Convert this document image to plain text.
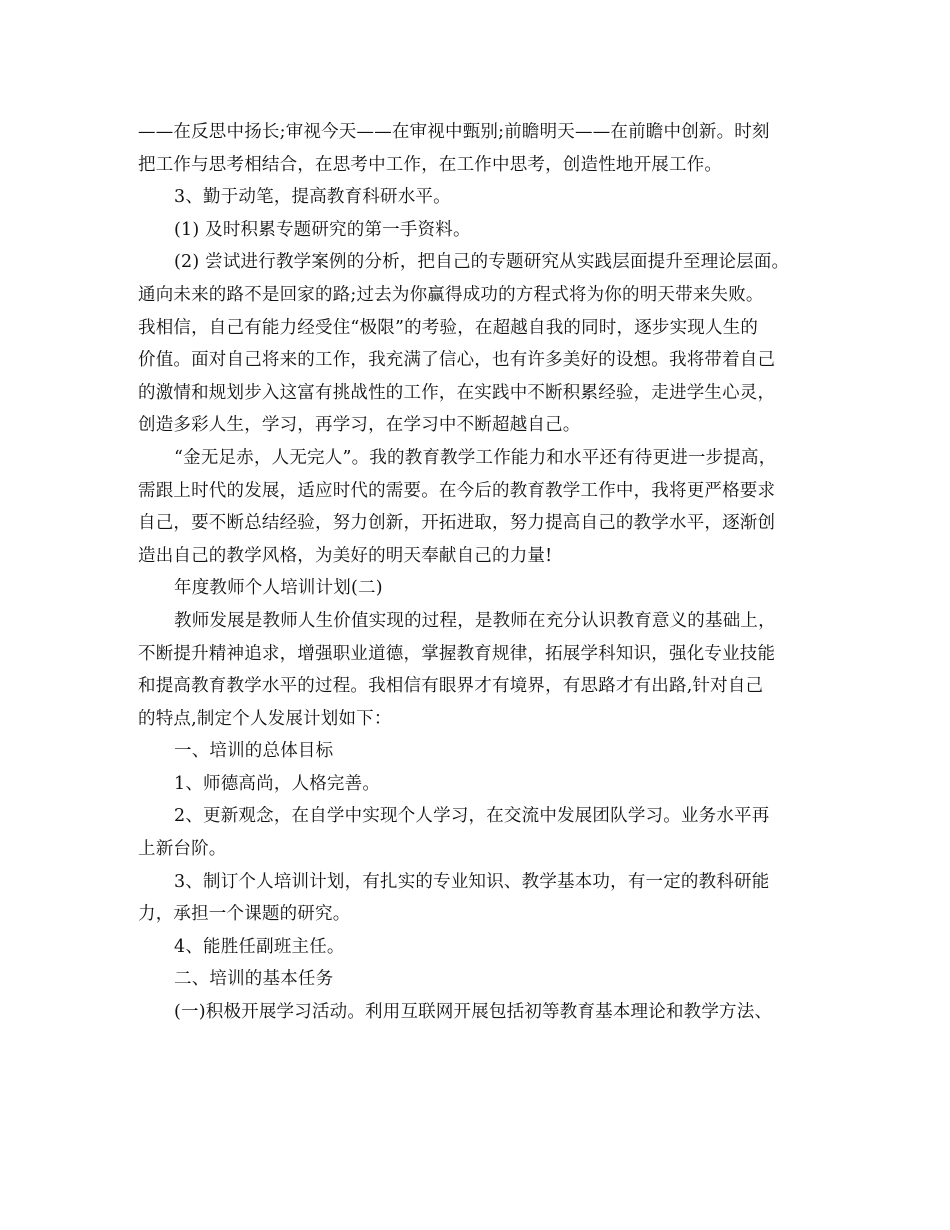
——在反思中扬长;审视今天——在审视中甄别;前瞻明天——在前瞻中创新。时刻
把工作与思考相结合，在思考中工作，在工作中思考，创造性地开展工作。
3、勤于动笔，提高教育科研水平。
(1) 及时积累专题研究的第一手资料。
(2) 尝试进行教学案例的分析，把自己的专题研究从实践层面提升至理论层面。
通向未来的路不是回家的路;过去为你赢得成功的方程式将为你的明天带来失败。
我相信，自己有能力经受住“极限”的考验，在超越自我的同时，逐步实现人生的
价值。面对自己将来的工作，我充满了信心，也有许多美好的设想。我将带着自己
的激情和规划步入这富有挑战性的工作，在实践中不断积累经验，走进学生心灵，
创造多彩人生，学习，再学习，在学习中不断超越自己。
“金无足赤，人无完人”。我的教育教学工作能力和水平还有待更进一步提高，
需跟上时代的发展，适应时代的需要。在今后的教育教学工作中，我将更严格要求
自己，要不断总结经验，努力创新，开拓进取，努力提高自己的教学水平，逐渐创
造出自己的教学风格，为美好的明天奉献自己的力量!
年度教师个人培训计划(二)
教师发展是教师人生价值实现的过程，是教师在充分认识教育意义的基础上，
不断提升精神追求，增强职业道德，掌握教育规律，拓展学科知识，强化专业技能
和提高教育教学水平的过程。我相信有眼界才有境界，有思路才有出路,针对自己
的特点,制定个人发展计划如下：
一、培训的总体目标
1、师德高尚，人格完善。
2、更新观念，在自学中实现个人学习，在交流中发展团队学习。业务水平再
上新台阶。
3、制订个人培训计划，有扎实的专业知识、教学基本功，有一定的教科研能
力，承担一个课题的研究。
4、能胜任副班主任。
二、培训的基本任务
(一)积极开展学习活动。利用互联网开展包括初等教育基本理论和教学方法、
